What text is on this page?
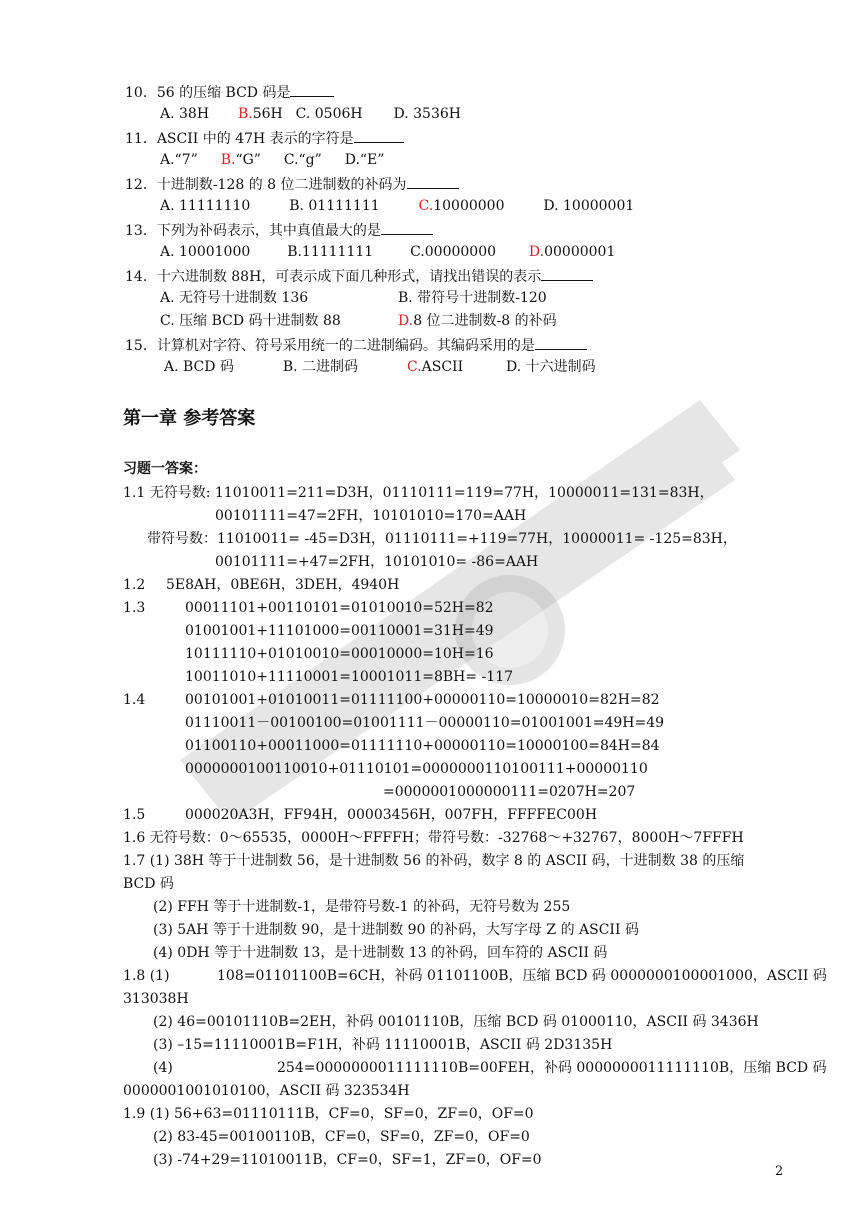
10．56 的压缩 BCD 码是
A. 38H B.56H C. 0506H D. 3536H
11．ASCII 中的 47H 表示的字符是
A.“7” B.“G” C.“g” D.“E”
12．十进制数-128 的 8 位二进制数的补码为
A. 11111110	B. 01111111	C.10000000	D. 10000001
13．下列为补码表示，其中真值最大的是
A. 10001000	B.11111111	C.00000000 D.00000001
14．十六进制数 88H，可表示成下面几种形式，请找出错误的表示
A. 无符号十进制数 136	B. 带符号十进制数-120
C. 压缩 BCD 码十进制数 88	D.8 位二进制数-8 的补码
15．计算机对字符、符号采用统一的二进制编码。其编码采用的是
A. BCD 码	B. 二进制码	C.ASCII	D. 十六进制码
第一章 参考答案
习题一答案：
1.1 无符号数: 11010011=211=D3H，01110111=119=77H，10000011=131=83H，
00101111=47=2FH，10101010=170=AAH
带符号数：11010011= -45=D3H，01110111=+119=77H，10000011= -125=83H，
00101111=+47=2FH，10101010= -86=AAH
1.2 5E8AH，0BE6H，3DEH，4940H
1.3	00011101+00110101=01010010=52H=82
01001001+11101000=00110001=31H=49
10111110+01010010=00010000=10H=16
10011010+11110001=10001011=8BH= -117
1.4	00101001+01010011=01111100+00000110=10000010=82H=82
01110011－00100100=01001111－00000110=01001001=49H=49
01100110+00011000=01111110+00000110=10000100=84H=84
0000000100110010+01110101=0000000110100111+00000110
=0000001000000111=0207H=207
1.5	000020A3H，FF94H，00003456H，007FH，FFFFEC00H
1.6 无符号数：0～65535，0000H～FFFFH；带符号数：-32768～+32767，8000H～7FFFH
1.7 (1) 38H 等于十进制数 56，是十进制数 56 的补码，数字 8 的 ASCII 码，十进制数 38 的压缩
BCD 码
(2) FFH 等于十进制数-1，是带符号数-1 的补码，无符号数为 255
(3) 5AH 等于十进制数 90，是十进制数 90 的补码，大写字母 Z 的 ASCII 码
(4) 0DH 等于十进制数 13，是十进制数 13 的补码，回车符的 ASCII 码
1.8 (1)	108=01101100B=6CH，补码 01101100B，压缩 BCD 码 0000000100001000，ASCII 码
313038H
(2) 46=00101110B=2EH，补码 00101110B，压缩 BCD 码 01000110，ASCII 码 3436H
(3) –15=11110001B=F1H，补码 11110001B，ASCII 码 2D3135H
(4)	254=0000000011111110B=00FEH，补码 0000000011111110B，压缩 BCD 码
0000001001010100，ASCII 码 323534H
1.9 (1) 56+63=01110111B，CF=0，SF=0，ZF=0，OF=0
(2) 83-45=00100110B，CF=0，SF=0，ZF=0，OF=0
(3) -74+29=11010011B，CF=0，SF=1，ZF=0，OF=0
2
